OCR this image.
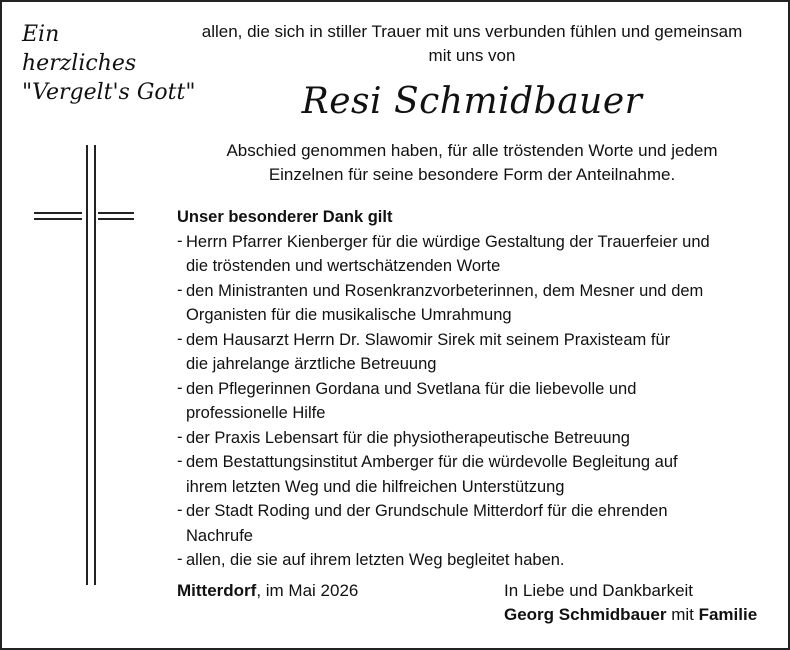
Ein
herzliches
"Vergelt's Gott"
allen, die sich in stiller Trauer mit uns verbunden fühlen und gemeinsam
mit uns von
Resi Schmidbauer
Abschied genommen haben, für alle tröstenden Worte und jedem
Einzelnen für seine besondere Form der Anteilnahme.
Unser besonderer Dank gilt
- Herrn Pfarrer Kienberger für die würdige Gestaltung der Trauerfeier und
die tröstenden und wertschätzenden Worte
- den Ministranten und Rosenkranzvorbeterinnen, dem Mesner und dem
Organisten für die musikalische Umrahmung
- dem Hausarzt Herrn Dr. Slawomir Sirek mit seinem Praxisteam für
die jahrelange ärztliche Betreuung
- den Pflegerinnen Gordana und Svetlana für die liebevolle und
professionelle Hilfe
- der Praxis Lebensart für die physiotherapeutische Betreuung
- dem Bestattungsinstitut Amberger für die würdevolle Begleitung auf
ihrem letzten Weg und die hilfreichen Unterstützung
- der Stadt Roding und der Grundschule Mitterdorf für die ehrenden
Nachrufe
- allen, die sie auf ihrem letzten Weg begleitet haben.
Mitterdorf, im Mai 2026	In Liebe und Dankbarkeit
Georg Schmidbauer mit Familie
